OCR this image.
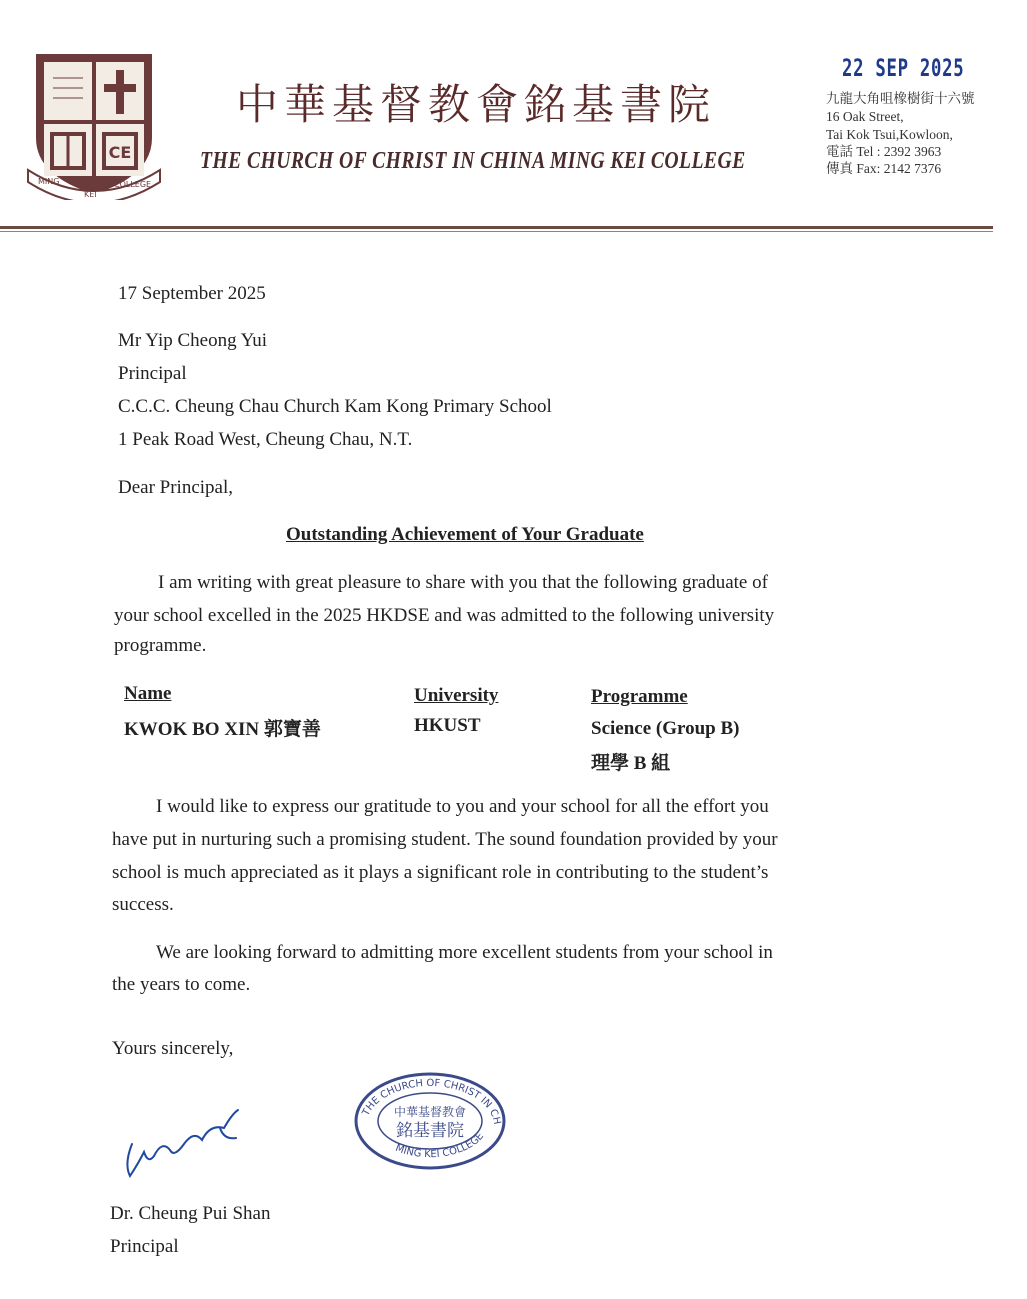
CE
MING
KEI
COLLEGE
中華基督教會銘基書院
THE CHURCH OF CHRIST IN CHINA MING KEI COLLEGE
22 SEP 2025
九龍大角咀橡樹街十六號
16 Oak Street,
Tai Kok Tsui,Kowloon,
電話 Tel : 2392 3963
傳真 Fax: 2142 7376
17 September 2025
Mr Yip Cheong Yui
Principal
C.C.C. Cheung Chau Church Kam Kong Primary School
1 Peak Road West, Cheung Chau, N.T.
Dear Principal,
Outstanding Achievement of Your Graduate
I am writing with great pleasure to share with you that the following graduate of
your school excelled in the 2025 HKDSE and was admitted to the following university
programme.
Name	University	Programme
KWOK BO XIN 郭寶善	HKUST	Science (Group B)
理學 B 組
I would like to express our gratitude to you and your school for all the effort you
have put in nurturing such a promising student. The sound foundation provided by your
school is much appreciated as it plays a significant role in contributing to the student’s
success.
We are looking forward to admitting more excellent students from your school in
the years to come.
Yours sincerely,
THE CHURCH OF CHRIST IN CH
MING KEI COLLEGE
中華基督教會
銘基書院
Dr. Cheung Pui Shan
Principal
